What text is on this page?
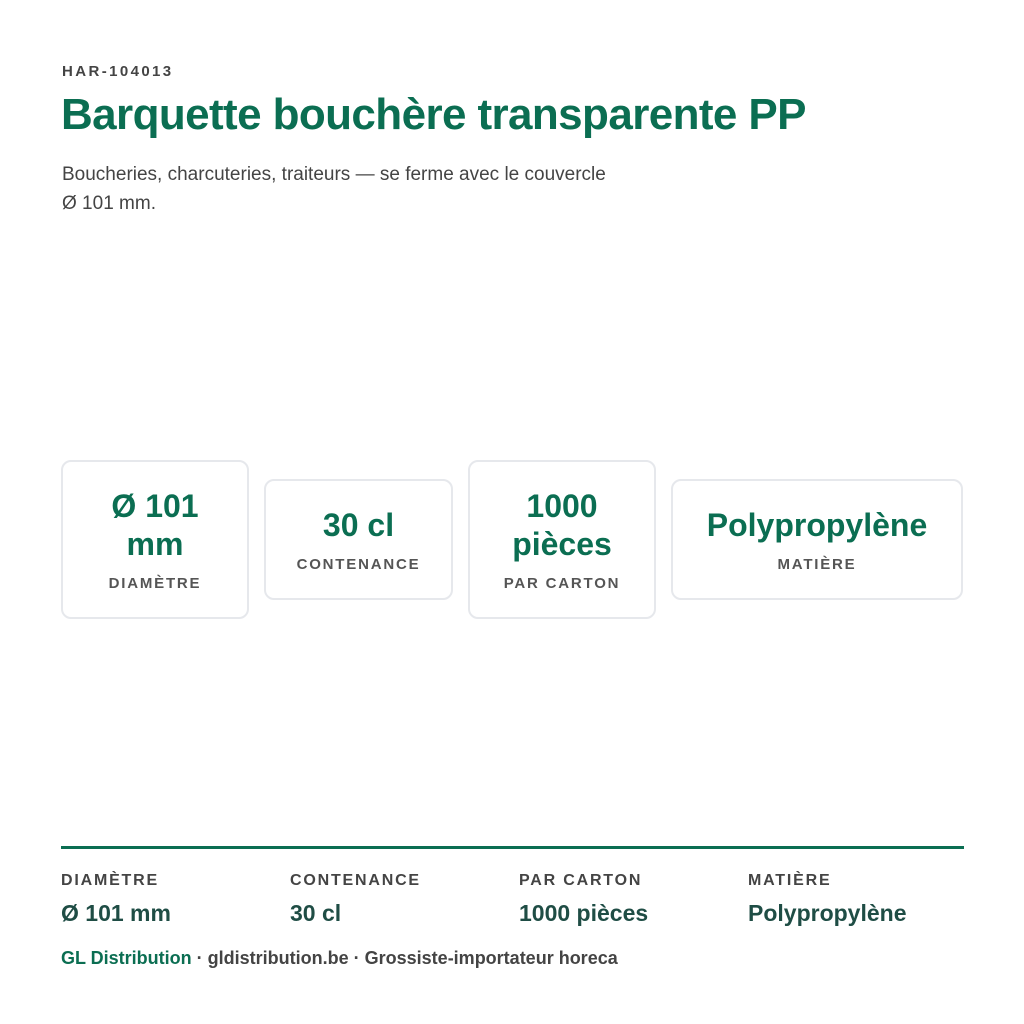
HAR-104013
Barquette bouchère transparente PP

Boucheries, charcuteries, traiteurs — se ferme avec le couvercle Ø 101 mm.

Ø 101
mm
DIAMÈTRE
30 cl
CONTENANCE
1000
pièces
PAR CARTON
Polypropylène
MATIÈRE
DIAMÈTRE
Ø 101 mm
CONTENANCE
30 cl
PAR CARTON
1000 pièces
MATIÈRE
Polypropylène
GL Distribution · gldistribution.be · Grossiste-importateur horeca
